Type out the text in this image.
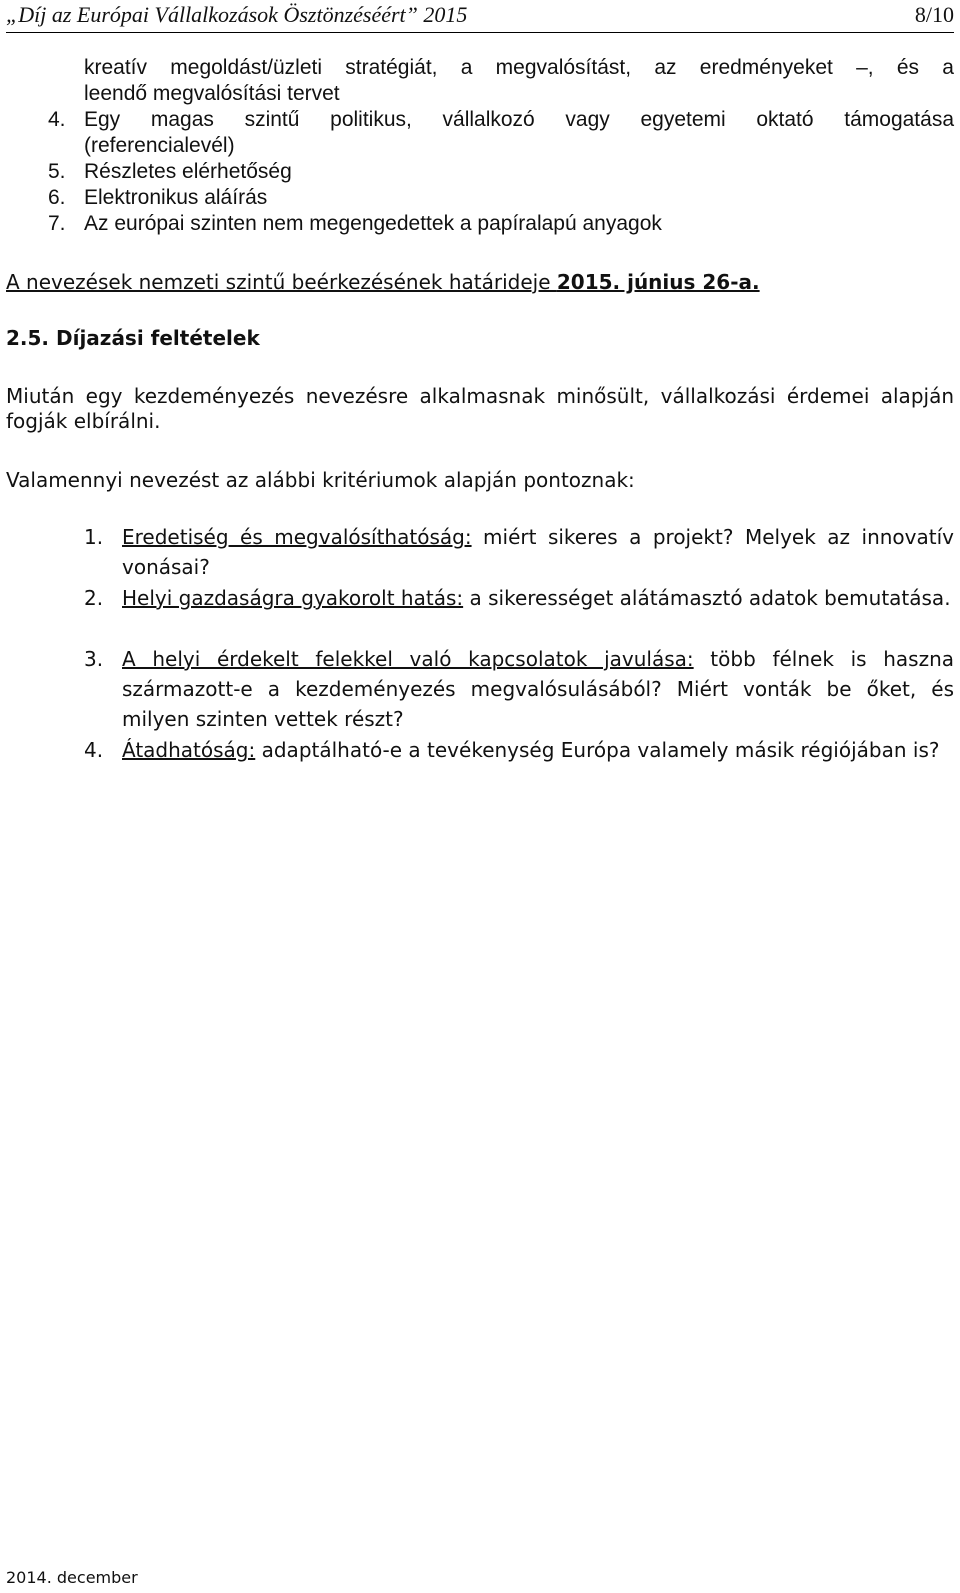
„Díj az Európai Vállalkozások Ösztönzéséért” 2015	8/10
kreatív megoldást/üzleti stratégiát, a megvalósítást, az eredményeket –, és a
leendő megvalósítási tervet
4. Egy magas szintű politikus, vállalkozó vagy egyetemi oktató támogatása
(referencialevél)
5. Részletes elérhetőség
6. Elektronikus aláírás
7. Az európai szinten nem megengedettek a papíralapú anyagok
A nevezések nemzeti szintű beérkezésének határideje 2015. június 26-a.
2.5. Díjazási feltételek
Miután egy kezdeményezés nevezésre alkalmasnak minősült, vállalkozási érdemei alapján fogják elbírálni.
Valamennyi nevezést az alábbi kritériumok alapján pontoznak:
1. Eredetiség és megvalósíthatóság: miért sikeres a projekt? Melyek az innovatív vonásai?
2. Helyi gazdaságra gyakorolt hatás: a sikerességet alátámasztó adatok bemutatása.
3. A helyi érdekelt felekkel való kapcsolatok javulása: több félnek is haszna származott-e a kezdeményezés megvalósulásából? Miért vonták be őket, és milyen szinten vettek részt?
4. Átadhatóság: adaptálható-e a tevékenység Európa valamely másik régiójában is?
2014. december
